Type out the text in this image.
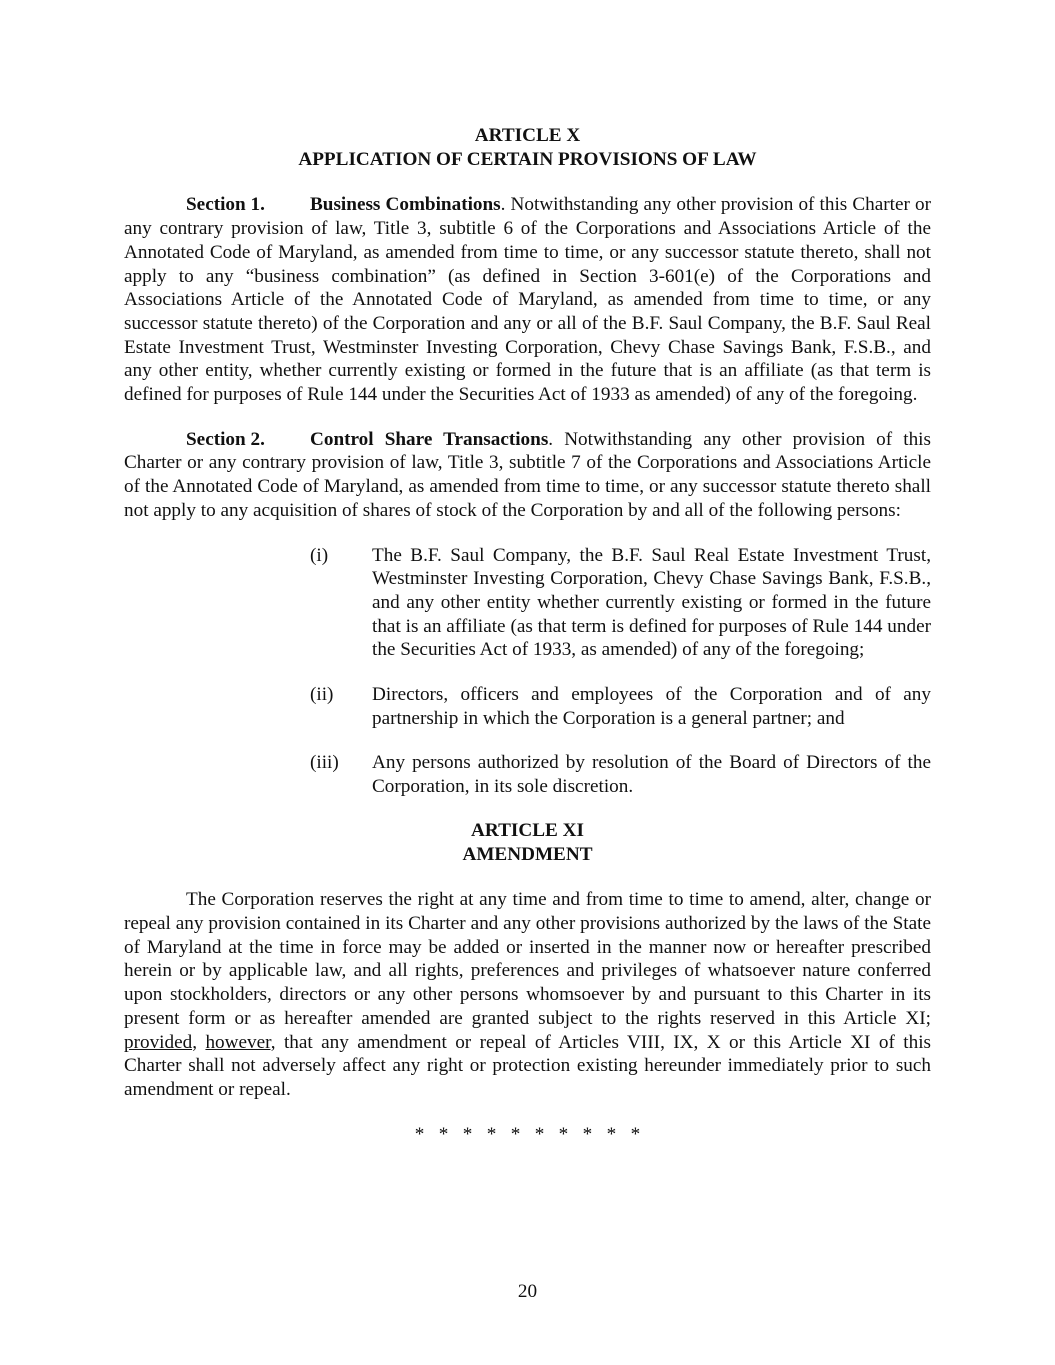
ARTICLE X
APPLICATION OF CERTAIN PROVISIONS OF LAW

Section 1. Business Combinations. Notwithstanding any other provision of this Charter or any contrary provision of law, Title 3, subtitle 6 of the Corporations and Associations Article of the Annotated Code of Maryland, as amended from time to time, or any successor statute thereto, shall not apply to any “business combination” (as defined in Section 3-601(e) of the Corporations and Associations Article of the Annotated Code of Maryland, as amended from time to time, or any successor statute thereto) of the Corporation and any or all of the B.F. Saul Company, the B.F. Saul Real Estate Investment Trust, Westminster Investing Corporation, Chevy Chase Savings Bank, F.S.B., and any other entity, whether currently existing or formed in the future that is an affiliate (as that term is defined for purposes of Rule 144 under the Securities Act of 1933 as amended) of any of the foregoing.

Section 2. Control Share Transactions. Notwithstanding any other provision of this Charter or any contrary provision of law, Title 3, subtitle 7 of the Corporations and Associations Article of the Annotated Code of Maryland, as amended from time to time, or any successor statute thereto shall not apply to any acquisition of shares of stock of the Corporation by and all of the following persons:

(i) The B.F. Saul Company, the B.F. Saul Real Estate Investment Trust, Westminster Investing Corporation, Chevy Chase Savings Bank, F.S.B., and any other entity whether currently existing or formed in the future that is an affiliate (as that term is defined for purposes of Rule 144 under the Securities Act of 1933, as amended) of any of the foregoing;
(ii) Directors, officers and employees of the Corporation and of any partnership in which the Corporation is a general partner; and
(iii) Any persons authorized by resolution of the Board of Directors of the Corporation, in its sole discretion.
ARTICLE XI
AMENDMENT

The Corporation reserves the right at any time and from time to time to amend, alter, change or repeal any provision contained in its Charter and any other provisions authorized by the laws of the State of Maryland at the time in force may be added or inserted in the manner now or hereafter prescribed herein or by applicable law, and all rights, preferences and privileges of whatsoever nature conferred upon stockholders, directors or any other persons whomsoever by and pursuant to this Charter in its present form or as hereafter amended are granted subject to the rights reserved in this Article XI; provided, however, that any amendment or repeal of Articles VIII, IX, X or this Article XI of this Charter shall not adversely affect any right or protection existing hereunder immediately prior to such amendment or repeal.

*   *   *   *   *   *   *   *   *   *
20
